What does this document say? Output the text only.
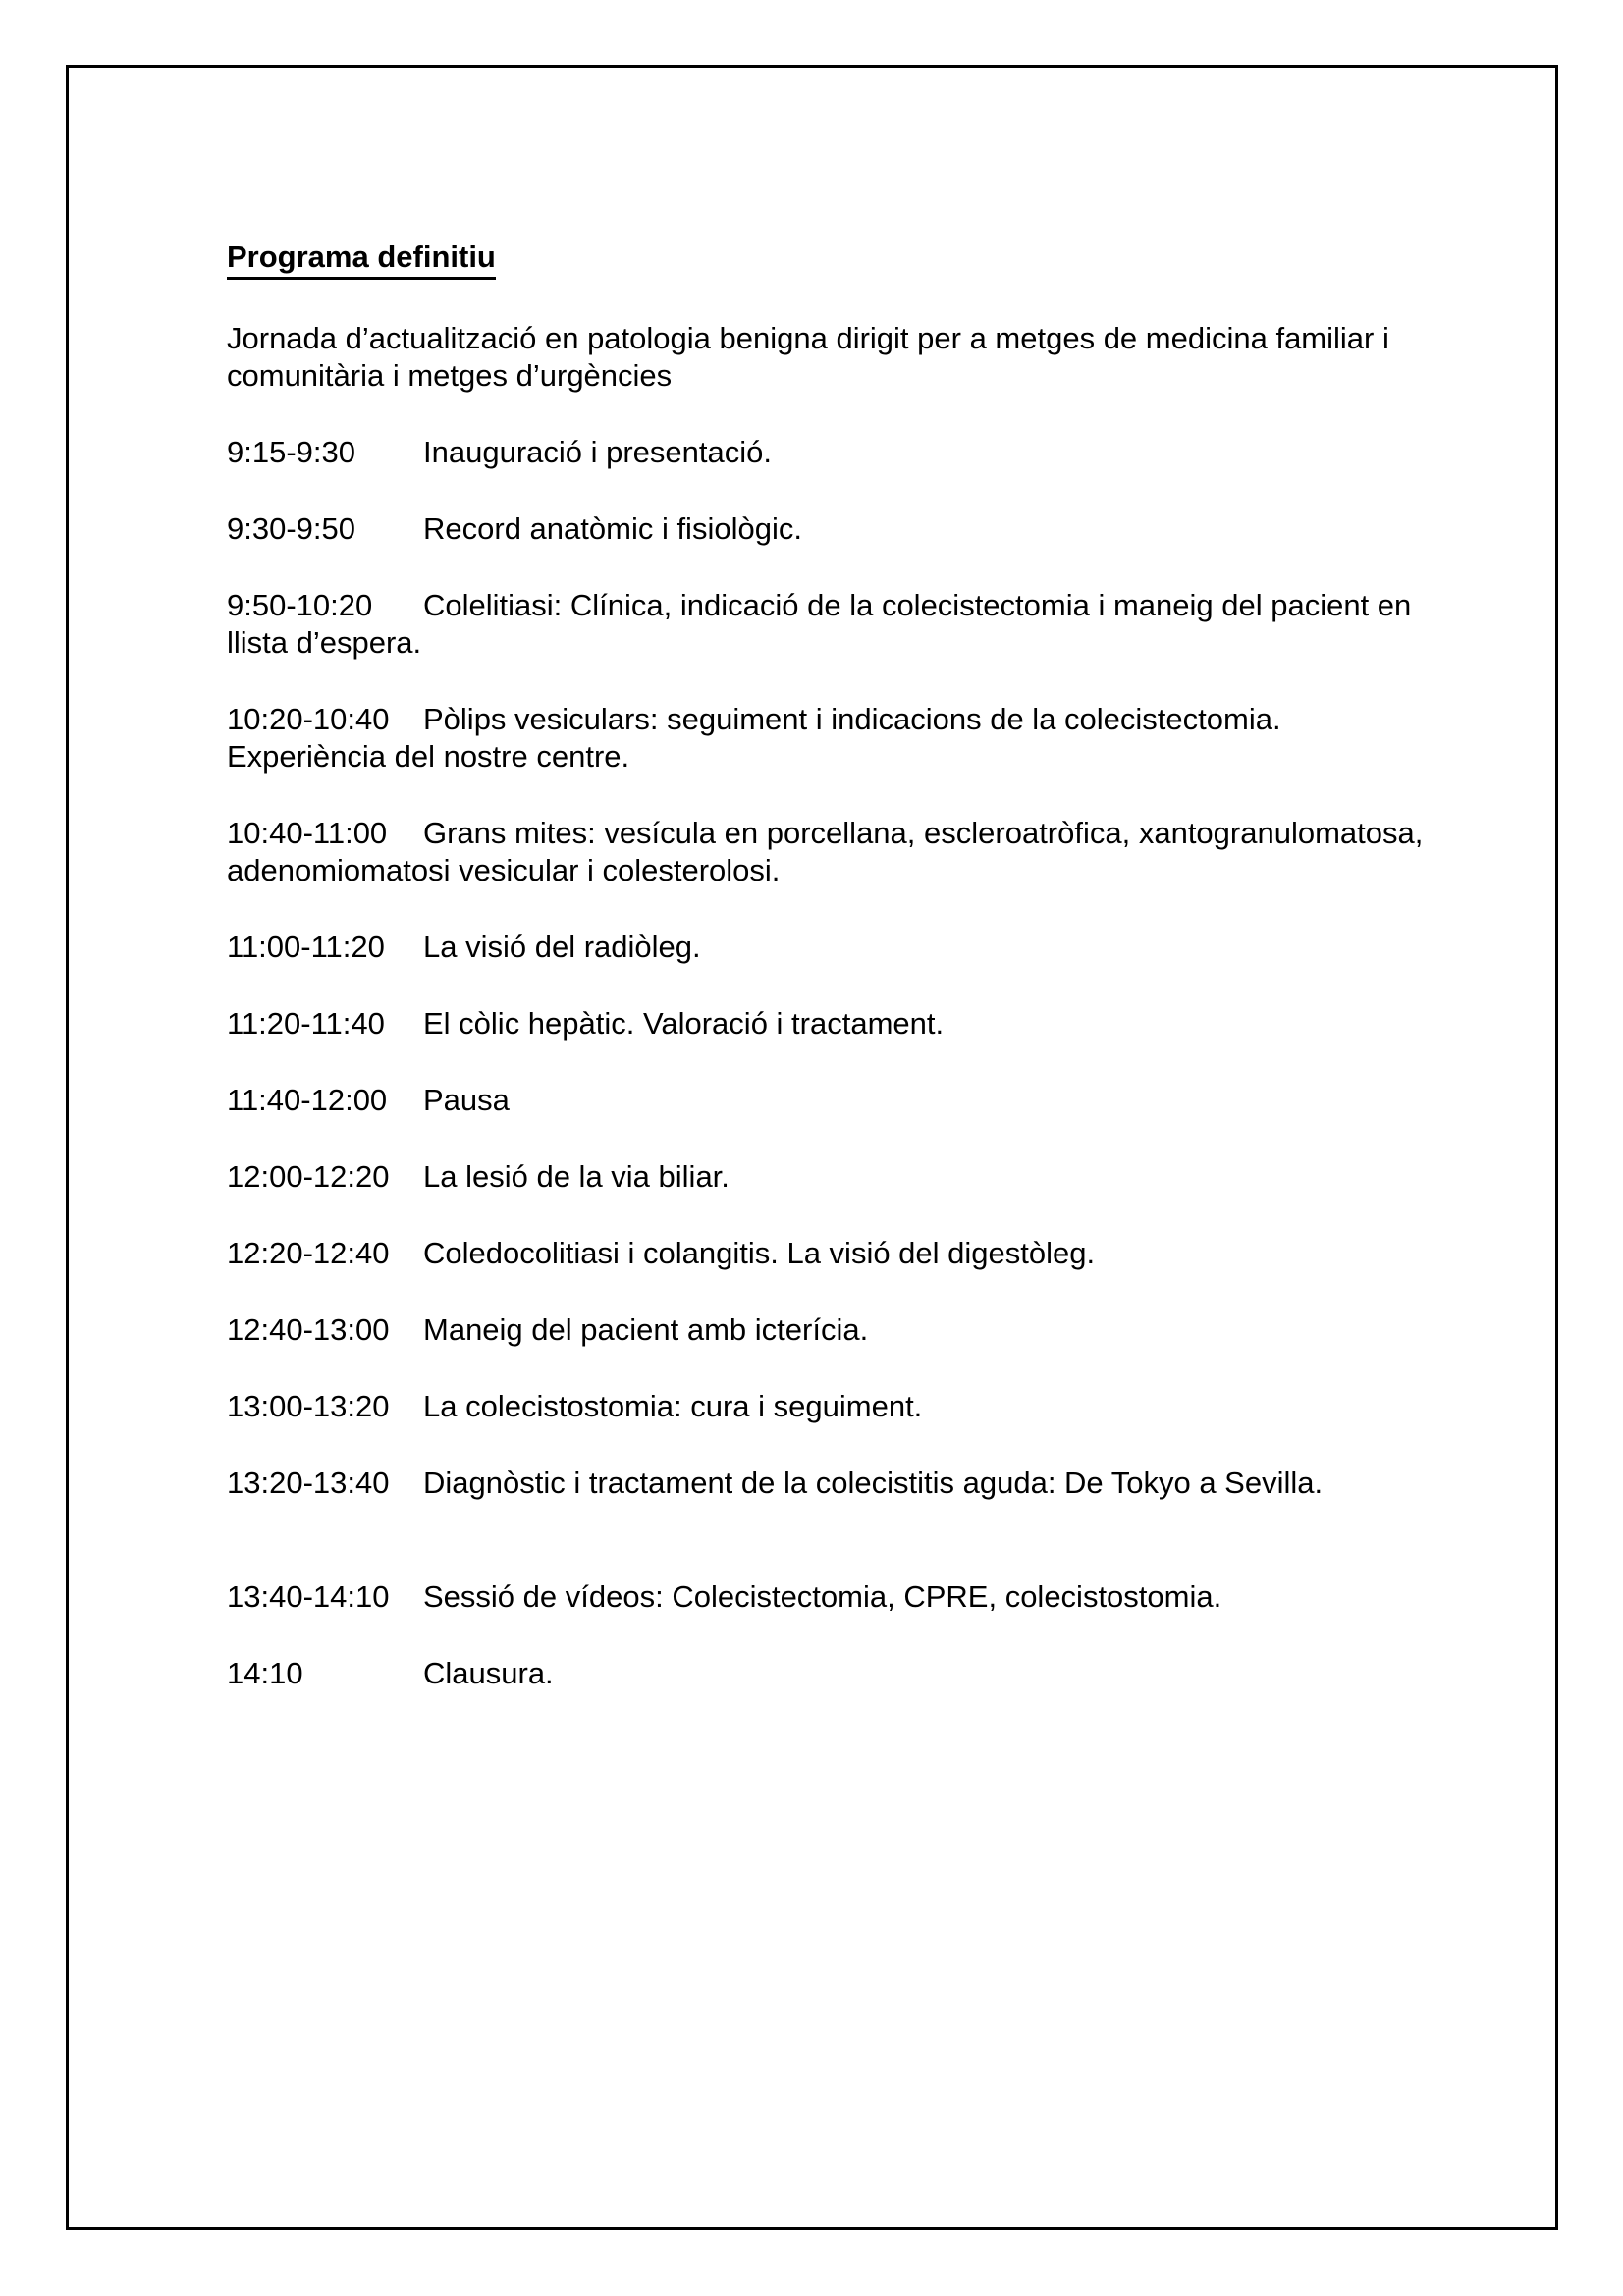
Programa definitiu

Jornada d’actualització en patologia benigna dirigit per a metges de medicina familiar i comunitària i metges d’urgències

9:15-9:30 Inauguració i presentació.

9:30-9:50 Record anatòmic i fisiològic.

9:50-10:20 Colelitiasi: Clínica, indicació de la colecistectomia i maneig del pacient en llista d’espera.

10:20-10:40 Pòlips vesiculars: seguiment i indicacions de la colecistectomia. Experiència del nostre centre.

10:40-11:00 Grans mites: vesícula en porcellana, escleroatròfica, xantogranulomatosa, adenomiomatosi vesicular i colesterolosi.

11:00-11:20 La visió del radiòleg.

11:20-11:40 El còlic hepàtic. Valoració i tractament.

11:40-12:00 Pausa

12:00-12:20 La lesió de la via biliar.

12:20-12:40 Coledocolitiasi i colangitis. La visió del digestòleg.

12:40-13:00 Maneig del pacient amb icterícia.

13:00-13:20 La colecistostomia: cura i seguiment.

13:20-13:40 Diagnòstic i tractament de la colecistitis aguda: De Tokyo a Sevilla.

13:40-14:10 Sessió de vídeos: Colecistectomia, CPRE, colecistostomia.

14:10	Clausura.
